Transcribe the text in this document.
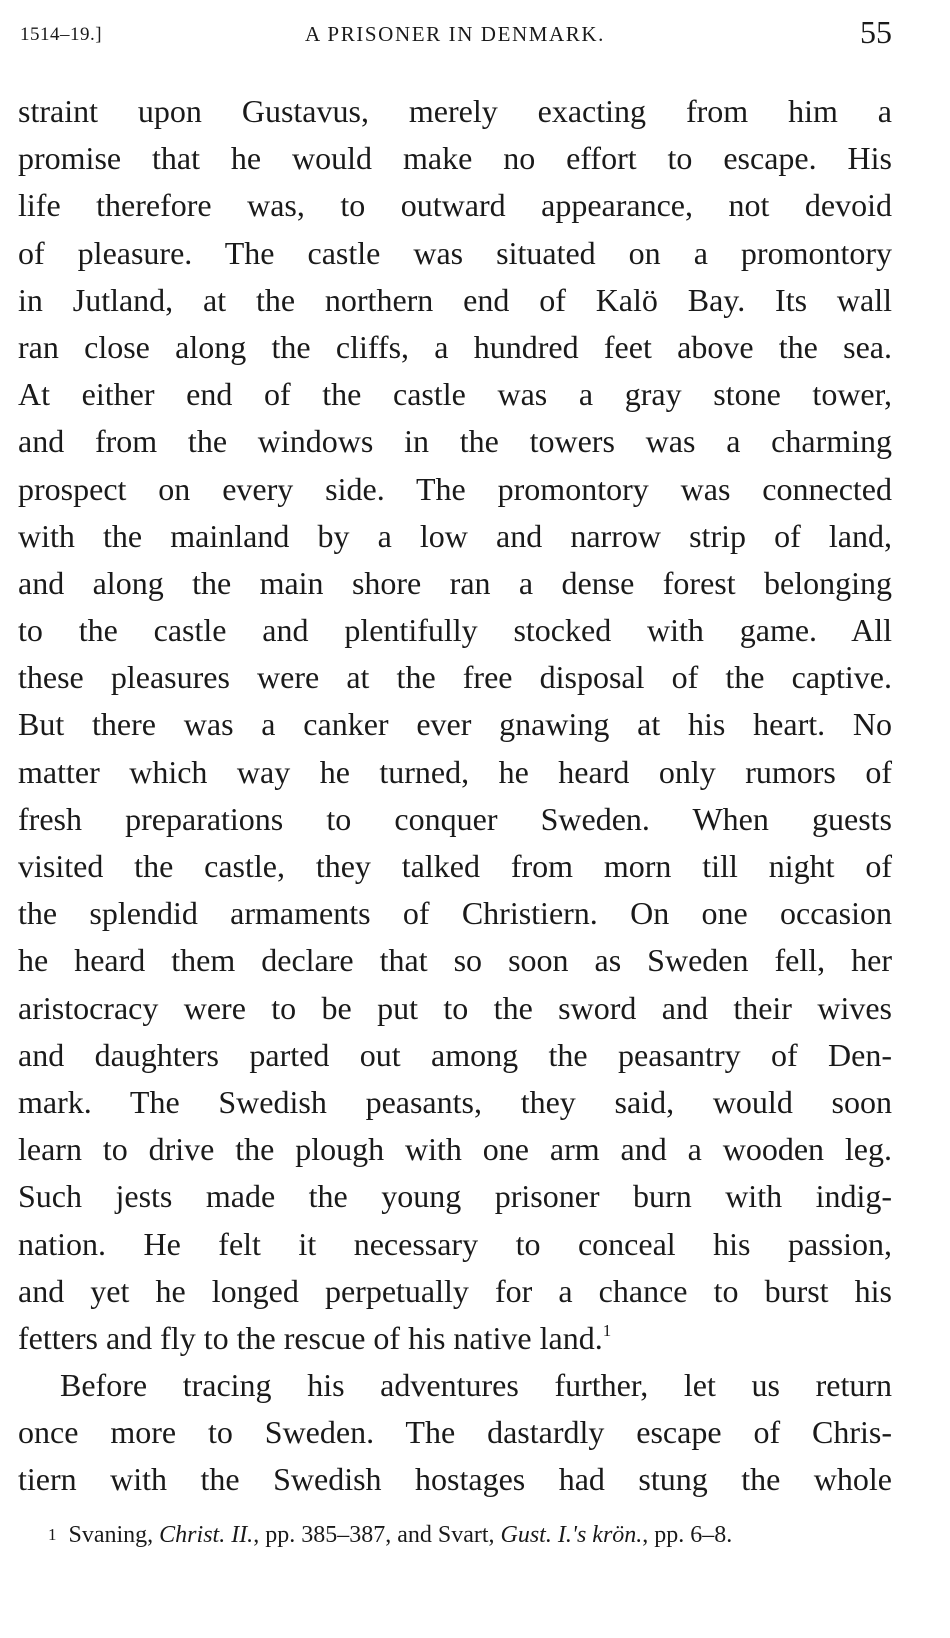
1514–19.]	A PRISONER IN DENMARK.	55
straint upon Gustavus, merely exacting from him a
promise that he would make no effort to escape. His
life therefore was, to outward appearance, not devoid
of pleasure. The castle was situated on a promontory
in Jutland, at the northern end of Kalö Bay. Its wall
ran close along the cliffs, a hundred feet above the sea.
At either end of the castle was a gray stone tower,
and from the windows in the towers was a charming
prospect on every side. The promontory was connected
with the mainland by a low and narrow strip of land,
and along the main shore ran a dense forest belonging
to the castle and plentifully stocked with game. All
these pleasures were at the free disposal of the captive.
But there was a canker ever gnawing at his heart. No
matter which way he turned, he heard only rumors of
fresh preparations to conquer Sweden. When guests
visited the castle, they talked from morn till night of
the splendid armaments of Christiern. On one occasion
he heard them declare that so soon as Sweden fell, her
aristocracy were to be put to the sword and their wives
and daughters parted out among the peasantry of Den-
mark. The Swedish peasants, they said, would soon
learn to drive the plough with one arm and a wooden leg.
Such jests made the young prisoner burn with indig-
nation. He felt it necessary to conceal his passion,
and yet he longed perpetually for a chance to burst his
fetters and fly to the rescue of his native land.$^1$
Before tracing his adventures further, let us return
once more to Sweden. The dastardly escape of Chris-
tiern with the Swedish hostages had stung the whole
1 Svaning, Christ. II., pp. 385–387, and Svart, Gust. I.'s krön., pp. 6–8.
